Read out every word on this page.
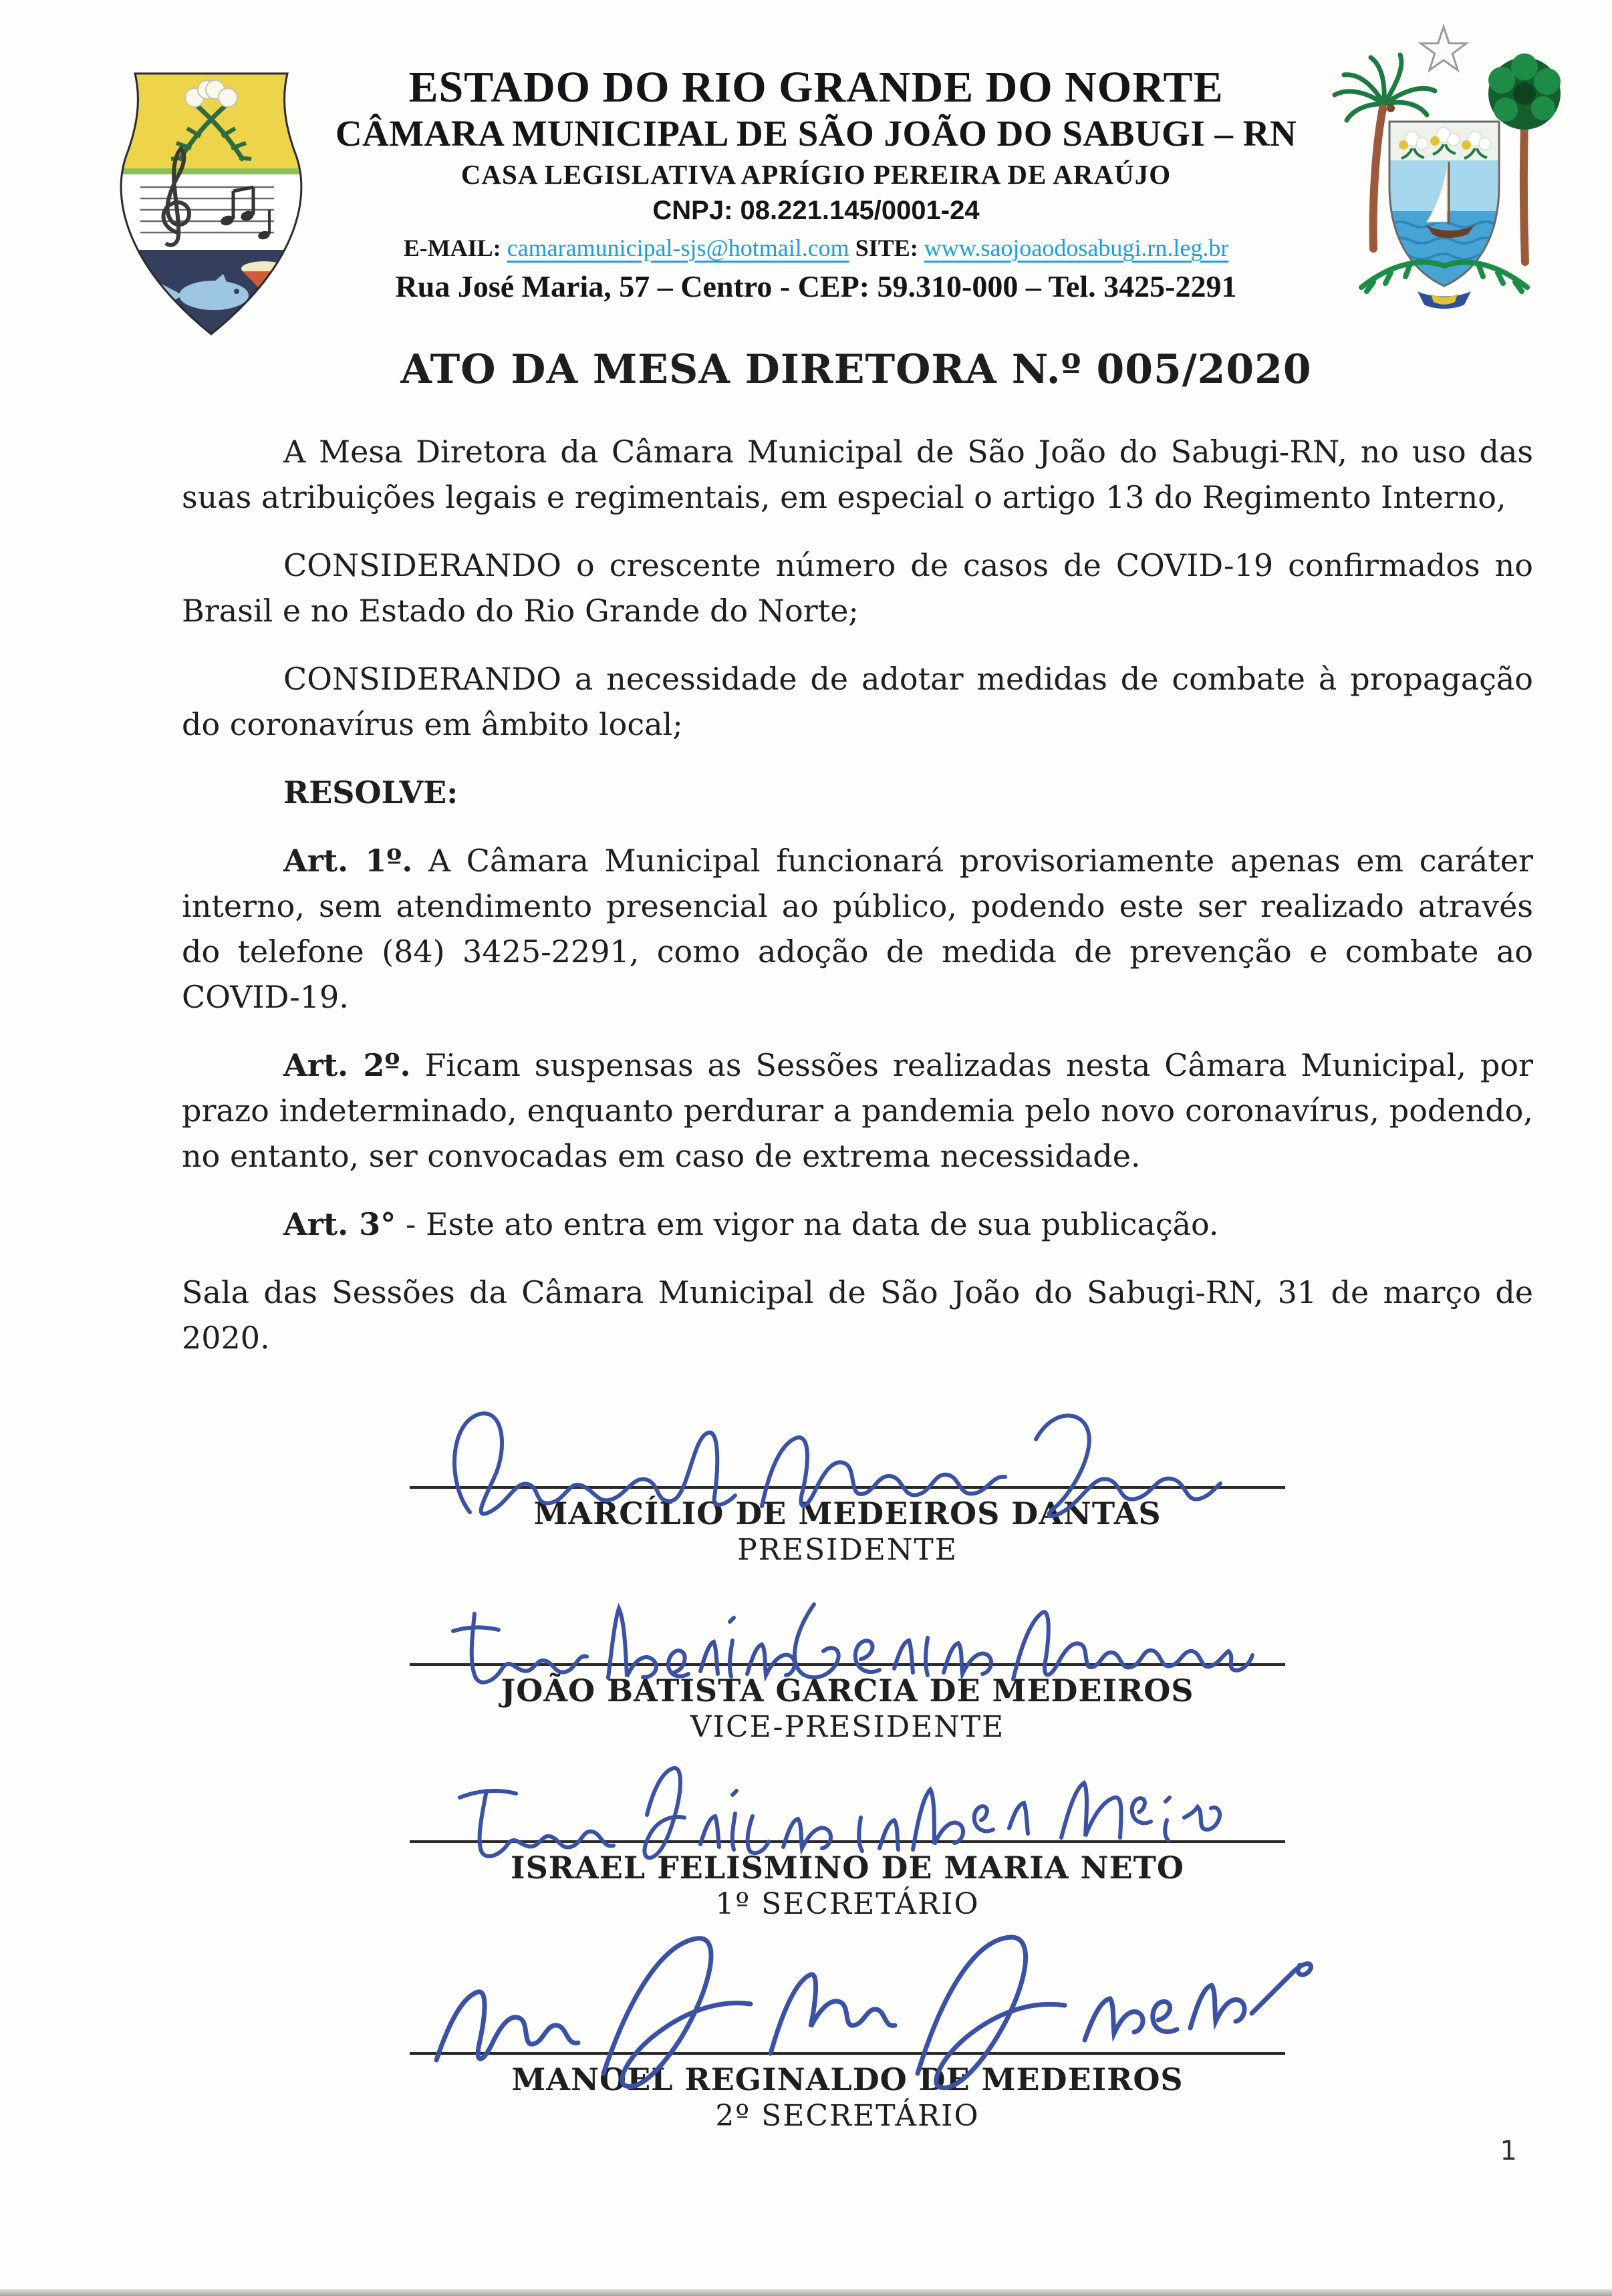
ESTADO DO RIO GRANDE DO NORTE
CÂMARA MUNICIPAL DE SÃO JOÃO DO SABUGI – RN
CASA LEGISLATIVA APRÍGIO PEREIRA DE ARAÚJO
CNPJ: 08.221.145/0001-24
E-MAIL: camaramunicipal-sjs@hotmail.com SITE: www.saojoaodosabugi.rn.leg.br
Rua José Maria, 57 – Centro - CEP: 59.310-000 – Tel. 3425-2291
ATO DA MESA DIRETORA N.º 005/2020

A Mesa Diretora da Câmara Municipal de São João do Sabugi-RN, no uso das suas atribuições legais e regimentais, em especial o artigo 13 do Regimento Interno,

CONSIDERANDO o crescente número de casos de COVID-19 confirmados no Brasil e no Estado do Rio Grande do Norte;

CONSIDERANDO a necessidade de adotar medidas de combate à propagação do coronavírus em âmbito local;

RESOLVE:

Art. 1º. A Câmara Municipal funcionará provisoriamente apenas em caráter interno, sem atendimento presencial ao público, podendo este ser realizado através do telefone (84) 3425-2291, como adoção de medida de prevenção e combate ao COVID-19.

Art. 2º. Ficam suspensas as Sessões realizadas nesta Câmara Municipal, por prazo indeterminado, enquanto perdurar a pandemia pelo novo coronavírus, podendo, no entanto, ser convocadas em caso de extrema necessidade.

Art. 3° - Este ato entra em vigor na data de sua publicação.

Sala das Sessões da Câmara Municipal de São João do Sabugi-RN, 31 de março de 2020.

MARCÍLIO DE MEDEIROS DANTAS
PRESIDENTE
JOÃO BATISTA GARCIA DE MEDEIROS
VICE-PRESIDENTE
ISRAEL FELISMINO DE MARIA NETO
1º SECRETÁRIO
MANOEL REGINALDO DE MEDEIROS
2º SECRETÁRIO
1
